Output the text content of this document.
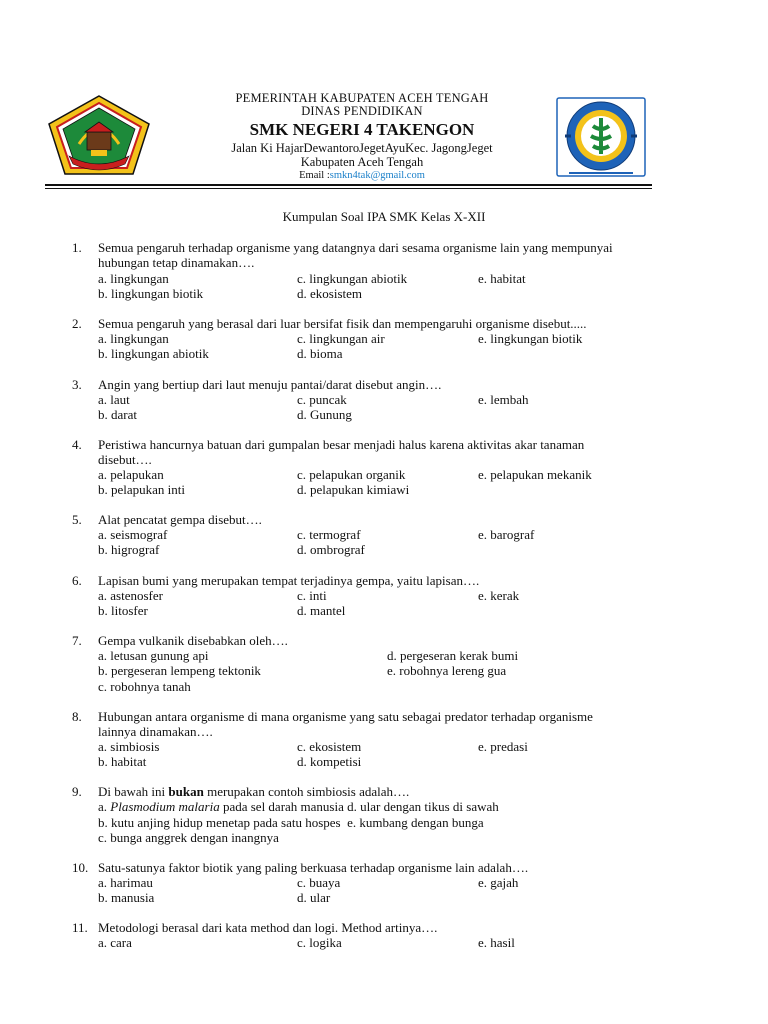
PEMERINTAH KABUPATEN ACEH TENGAH
DINAS PENDIDIKAN
SMK NEGERI 4 TAKENGON
Jalan Ki HajarDewantoroJegetAyuKec. JagongJeget
Kabupaten Aceh Tengah
Email :smkn4tak@gmail.com
Kumpulan Soal IPA SMK Kelas X-XII
1. Semua pengaruh terhadap organisme yang datangnya dari sesama organisme lain yang mempunyai
hubungan tetap dinamakan….
a. lingkungan	c. lingkungan abiotik	e. habitat
b. lingkungan biotik	d. ekosistem
2. Semua pengaruh yang berasal dari luar bersifat fisik dan mempengaruhi organisme disebut.....
a. lingkungan	c. lingkungan air	e. lingkungan biotik
b. lingkungan abiotik	d. bioma
3. Angin yang bertiup dari laut menuju pantai/darat disebut angin….
a. laut	c. puncak	e. lembah
b. darat	d. Gunung
4. Peristiwa hancurnya batuan dari gumpalan besar menjadi halus karena aktivitas akar tanaman
disebut….
a. pelapukan	c. pelapukan organik	e. pelapukan mekanik
b. pelapukan inti	d. pelapukan kimiawi
5. Alat pencatat gempa disebut….
a. seismograf	c. termograf	e. barograf
b. higrograf	d. ombrograf
6. Lapisan bumi yang merupakan tempat terjadinya gempa, yaitu lapisan….
a. astenosfer	c. inti	e. kerak
b. litosfer	d. mantel
7. Gempa vulkanik disebabkan oleh….
a. letusan gunung api	d. pergeseran kerak bumi
b. pergeseran lempeng tektonik	e. robohnya lereng gua
c. robohnya tanah
8. Hubungan antara organisme di mana organisme yang satu sebagai predator terhadap organisme
lainnya dinamakan….
a. simbiosis	c. ekosistem	e. predasi
b. habitat	d. kompetisi
9. Di bawah ini bukan merupakan contoh simbiosis adalah….
a. Plasmodium malaria pada sel darah manusia d. ular dengan tikus di sawah
b. kutu anjing hidup menetap pada satu hospes e. kumbang dengan bunga
c. bunga anggrek dengan inangnya
10. Satu-satunya faktor biotik yang paling berkuasa terhadap organisme lain adalah….
a. harimau	c. buaya	e. gajah
b. manusia	d. ular
11. Metodologi berasal dari kata method dan logi. Method artinya….
a. cara	c. logika	e. hasil
